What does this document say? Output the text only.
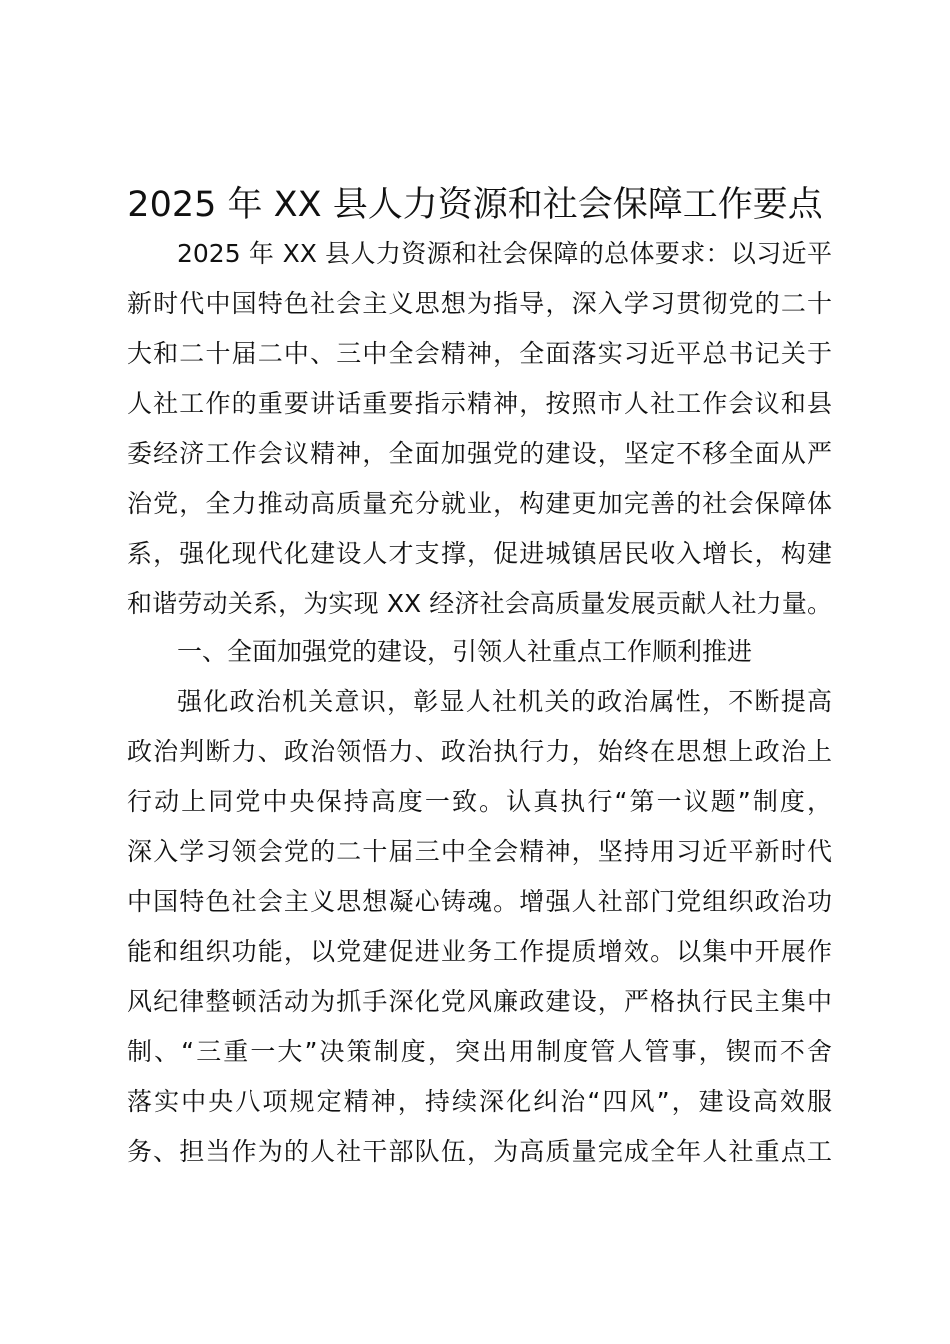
2025 年 XX 县人力资源和社会保障工作要点
2025 年 XX 县人力资源和社会保障的总体要求：以习近平
新时代中国特色社会主义思想为指导，深入学习贯彻党的二十
大和二十届二中、三中全会精神，全面落实习近平总书记关于
人社工作的重要讲话重要指示精神，按照市人社工作会议和县
委经济工作会议精神，全面加强党的建设，坚定不移全面从严
治党，全力推动高质量充分就业，构建更加完善的社会保障体
系，强化现代化建设人才支撑，促进城镇居民收入增长，构建
和谐劳动关系，为实现 XX 经济社会高质量发展贡献人社力量。
一、全面加强党的建设，引领人社重点工作顺利推进
强化政治机关意识，彰显人社机关的政治属性，不断提高
政治判断力、政治领悟力、政治执行力，始终在思想上政治上
行动上同党中央保持高度一致。认真执行“第一议题”制度，
深入学习领会党的二十届三中全会精神，坚持用习近平新时代
中国特色社会主义思想凝心铸魂。增强人社部门党组织政治功
能和组织功能，以党建促进业务工作提质增效。以集中开展作
风纪律整顿活动为抓手深化党风廉政建设，严格执行民主集中
制、“三重一大”决策制度，突出用制度管人管事，锲而不舍
落实中央八项规定精神，持续深化纠治“四风”，建设高效服
务、担当作为的人社干部队伍，为高质量完成全年人社重点工
